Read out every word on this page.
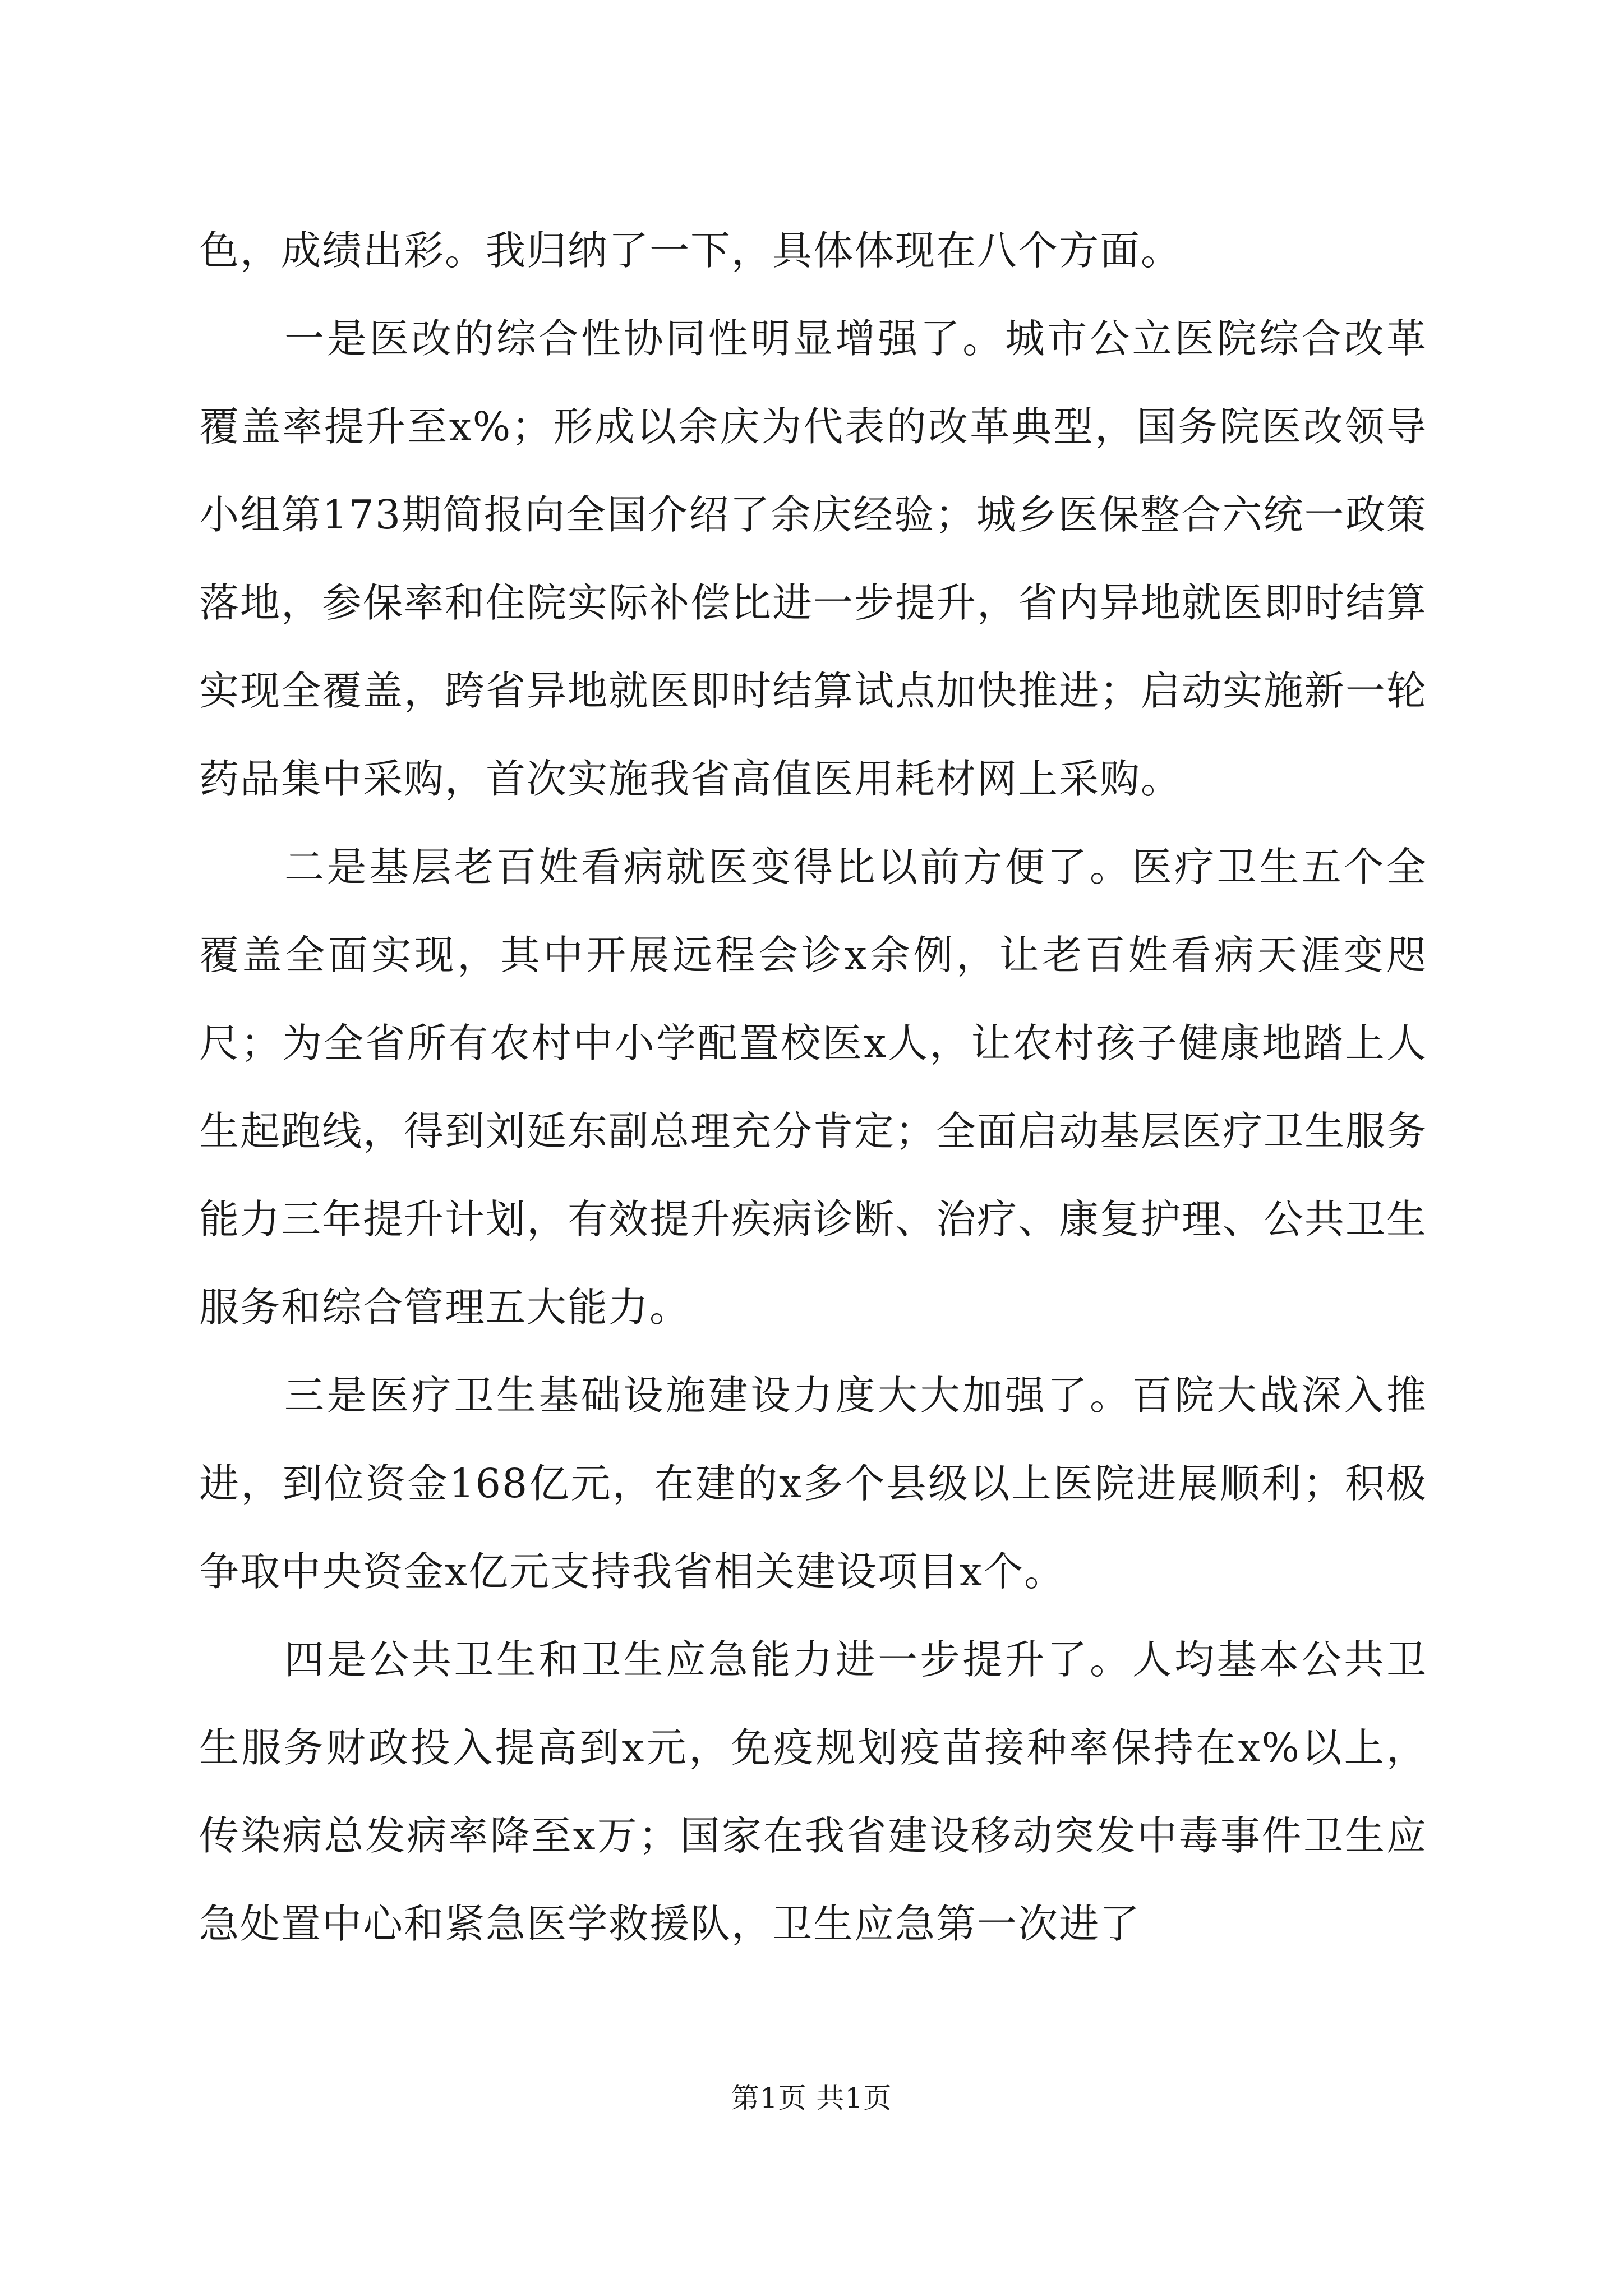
色，成绩出彩。我归纳了一下，具体体现在八个方面。

一是医改的综合性协同性明显增强了。城市公立医院综合改革覆盖率提升至x%；形成以余庆为代表的改革典型，国务院医改领导小组第173期简报向全国介绍了余庆经验；城乡医保整合六统一政策落地，参保率和住院实际补偿比进一步提升，省内异地就医即时结算实现全覆盖，跨省异地就医即时结算试点加快推进；启动实施新一轮药品集中采购，首次实施我省高值医用耗材网上采购。

二是基层老百姓看病就医变得比以前方便了。医疗卫生五个全覆盖全面实现，其中开展远程会诊x余例，让老百姓看病天涯变咫尺；为全省所有农村中小学配置校医x人，让农村孩子健康地踏上人生起跑线，得到刘延东副总理充分肯定；全面启动基层医疗卫生服务能力三年提升计划，有效提升疾病诊断、治疗、康复护理、公共卫生服务和综合管理五大能力。

三是医疗卫生基础设施建设力度大大加强了。百院大战深入推进，到位资金168亿元，在建的x多个县级以上医院进展顺利；积极争取中央资金x亿元支持我省相关建设项目x个。

四是公共卫生和卫生应急能力进一步提升了。人均基本公共卫生服务财政投入提高到x元，免疫规划疫苗接种率保持在x%以上，传染病总发病率降至x万；国家在我省建设移动突发中毒事件卫生应急处置中心和紧急医学救援队，卫生应急第一次进了

第1页 共1页
